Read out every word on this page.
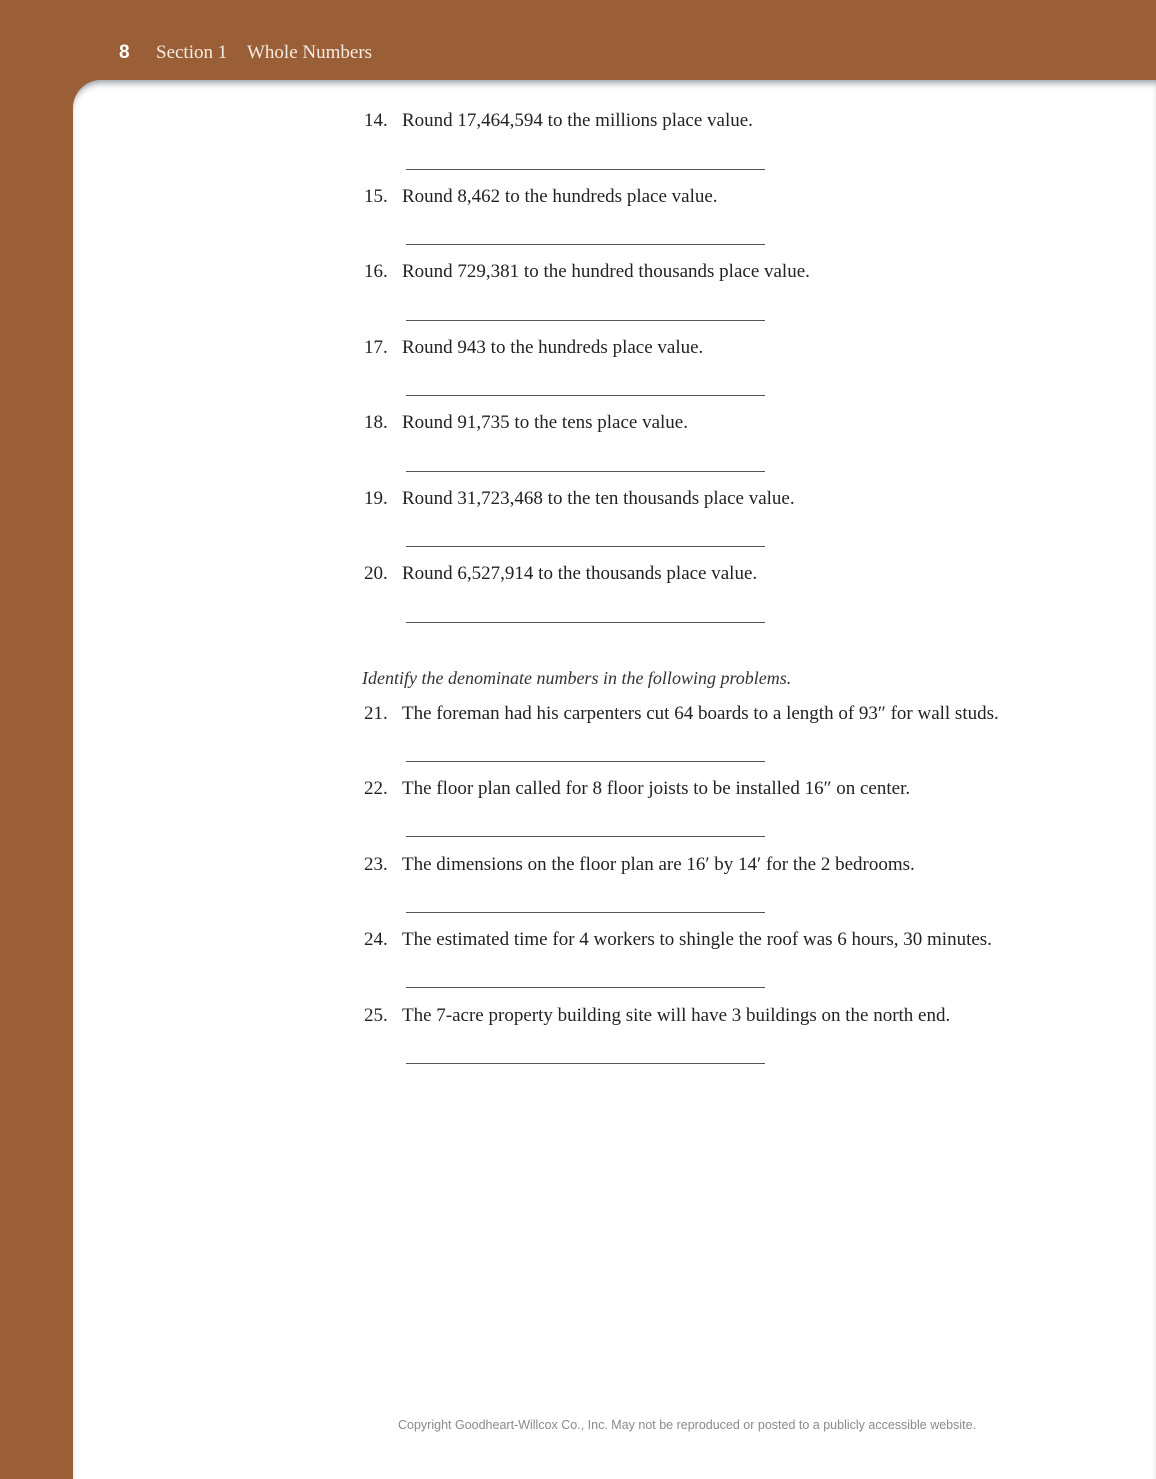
8 Section 1 Whole Numbers
14. Round 17,464,594 to the millions place value.
15. Round 8,462 to the hundreds place value.
16. Round 729,381 to the hundred thousands place value.
17. Round 943 to the hundreds place value.
18. Round 91,735 to the tens place value.
19. Round 31,723,468 to the ten thousands place value.
20. Round 6,527,914 to the thousands place value.
Identify the denominate numbers in the following problems.
21. The foreman had his carpenters cut 64 boards to a length of 93″ for wall studs.
22. The floor plan called for 8 floor joists to be installed 16″ on center.
23. The dimensions on the floor plan are 16′ by 14′ for the 2 bedrooms.
24. The estimated time for 4 workers to shingle the roof was 6 hours, 30 minutes.
25. The 7-acre property building site will have 3 buildings on the north end.
Copyright Goodheart-Willcox Co., Inc. May not be reproduced or posted to a publicly accessible website.
